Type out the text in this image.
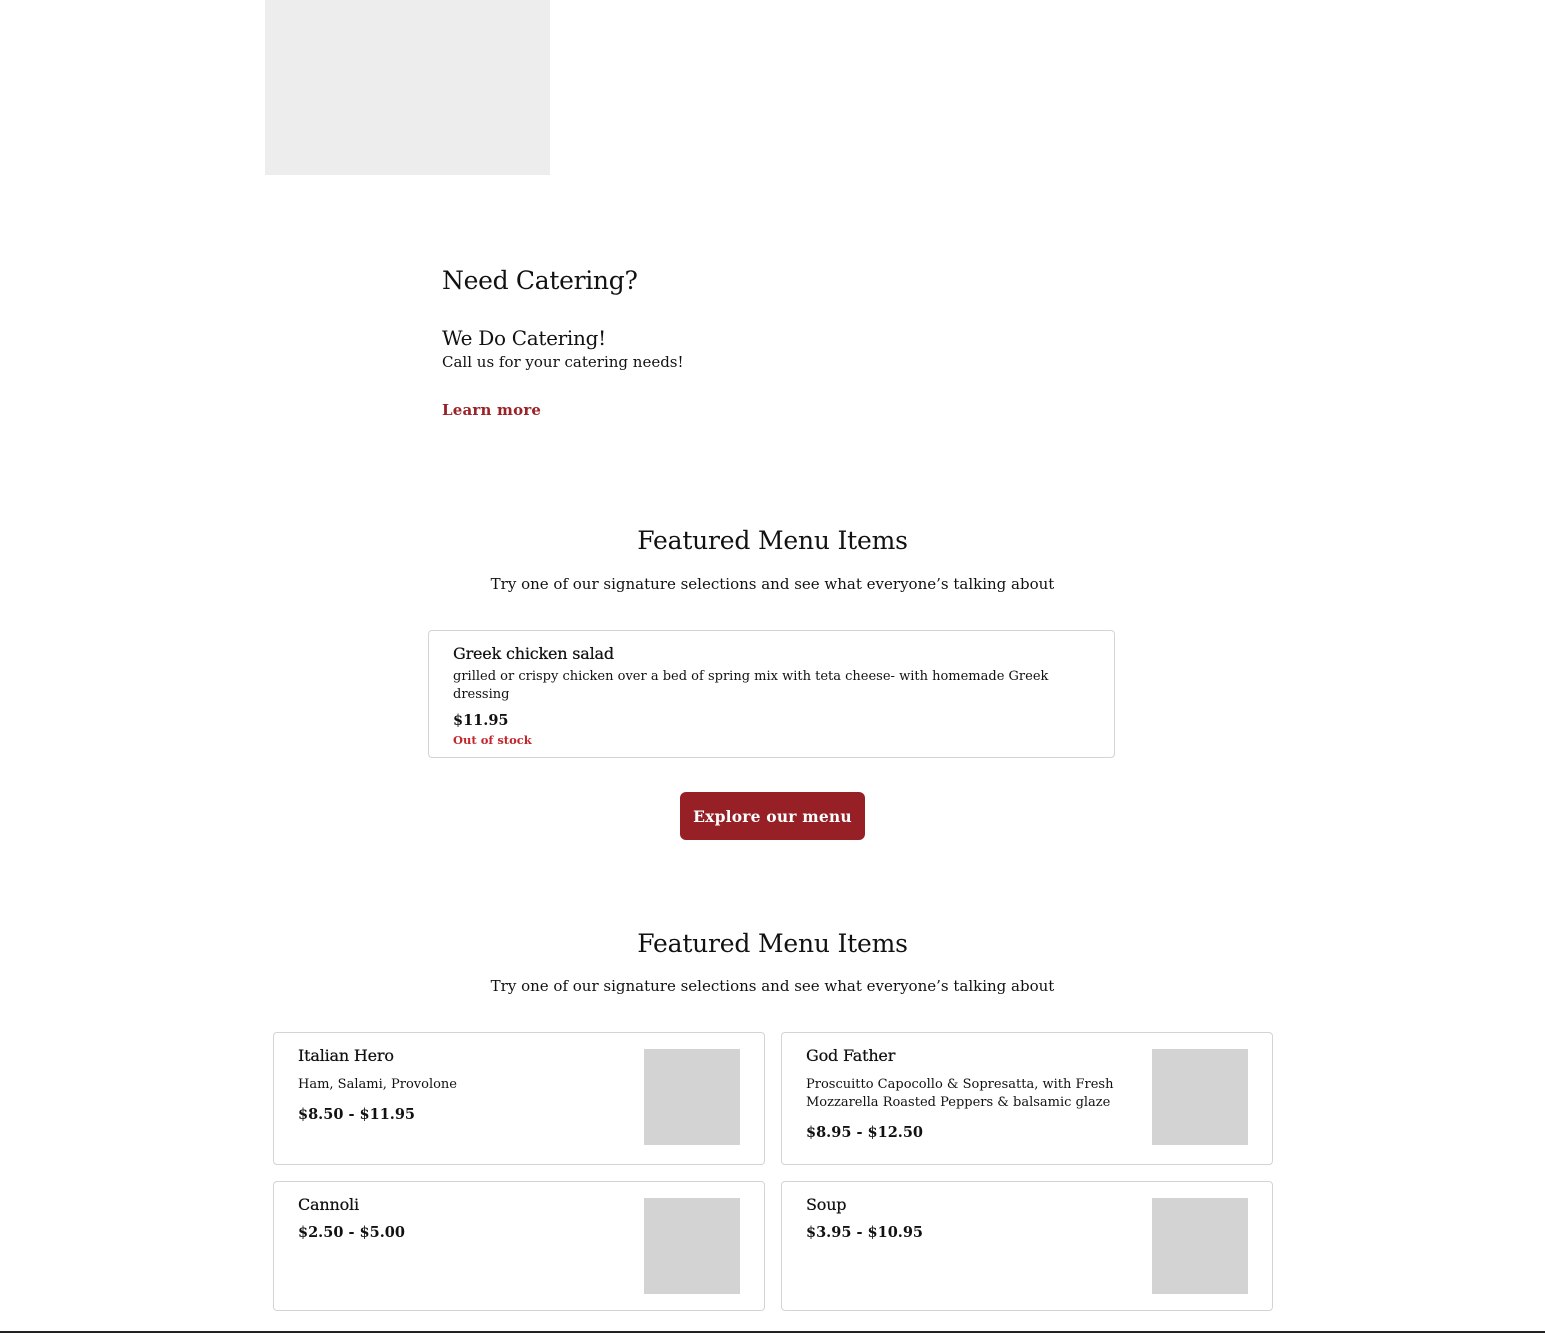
Need Catering?
We Do Catering!

Call us for your catering needs!

Learn more
Featured Menu Items

Try one of our signature selections and see what everyone’s talking about

Greek chicken salad

grilled or crispy chicken over a bed of spring mix with teta cheese- with homemade Greek dressing

$11.95

Out of stock

Explore our menu
Featured Menu Items

Try one of our signature selections and see what everyone’s talking about

Italian Hero

Ham, Salami, Provolone

$8.50 - $11.95

God Father

Proscuitto Capocollo & Sopresatta, with Fresh Mozzarella Roasted Peppers & balsamic glaze

$8.95 - $12.50

Cannoli

$2.50 - $5.00

Soup

$3.95 - $10.95
